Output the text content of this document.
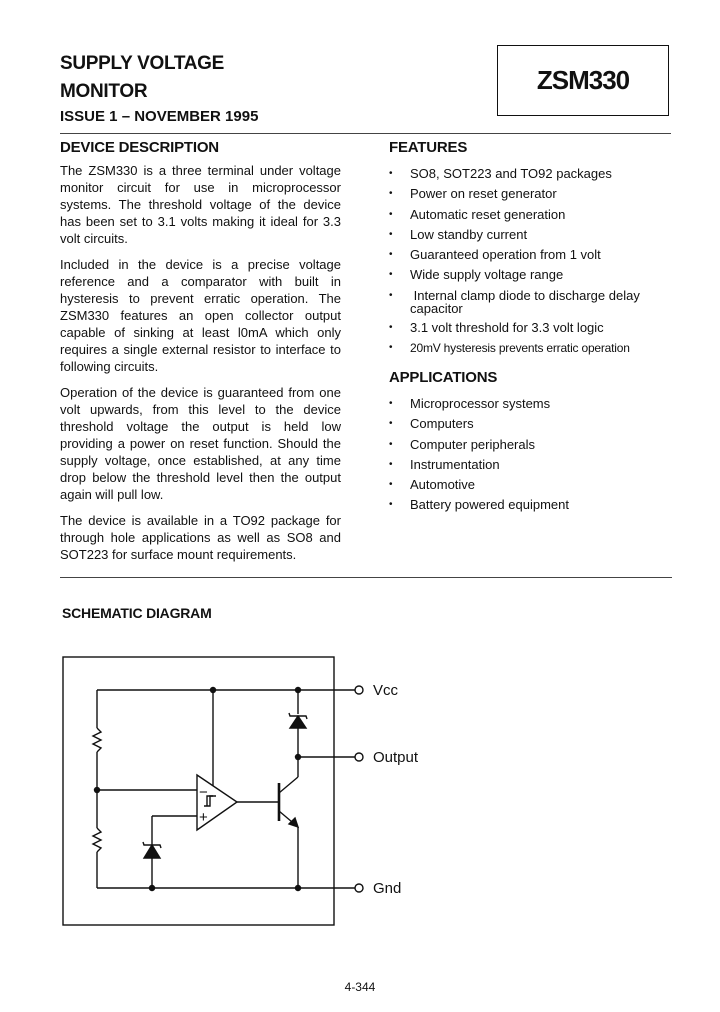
SUPPLY VOLTAGE
MONITOR
ISSUE 1 – NOVEMBER 1995
ZSM330
DEVICE DESCRIPTION

The ZSM330 is a three terminal under voltage monitor circuit for use in microprocessor systems. The threshold voltage of the device has been set to 3.1 volts making it ideal for 3.3 volt circuits.

Included in the device is a precise voltage reference and a comparator with built in hysteresis to prevent erratic operation. The ZSM330 features an open collector output capable of sinking at least l0mA which only requires a single external resistor to interface to following circuits.

Operation of the device is guaranteed from one volt upwards, from this level to the device threshold voltage the output is held low providing a power on reset function. Should the supply voltage, once established, at any time drop below the threshold level then the output again will pull low.

The device is available in a TO92 package for through hole applications as well as SO8 and SOT223 for surface mount requirements.

FEATURES
• SO8, SOT223 and TO92 packages
• Power on reset generator
• Automatic reset generation
• Low standby current
• Guaranteed operation from 1 volt
• Wide supply voltage range
• Internal clamp diode to discharge delay capacitor
• 3.1 volt threshold for 3.3 volt logic
• 20mV hysteresis prevents erratic operation
APPLICATIONS
• Microprocessor systems
• Computers
• Computer peripherals
• Instrumentation
• Automotive
• Battery powered equipment
SCHEMATIC DIAGRAM
−
+
Vcc
Output
Gnd
4-344
